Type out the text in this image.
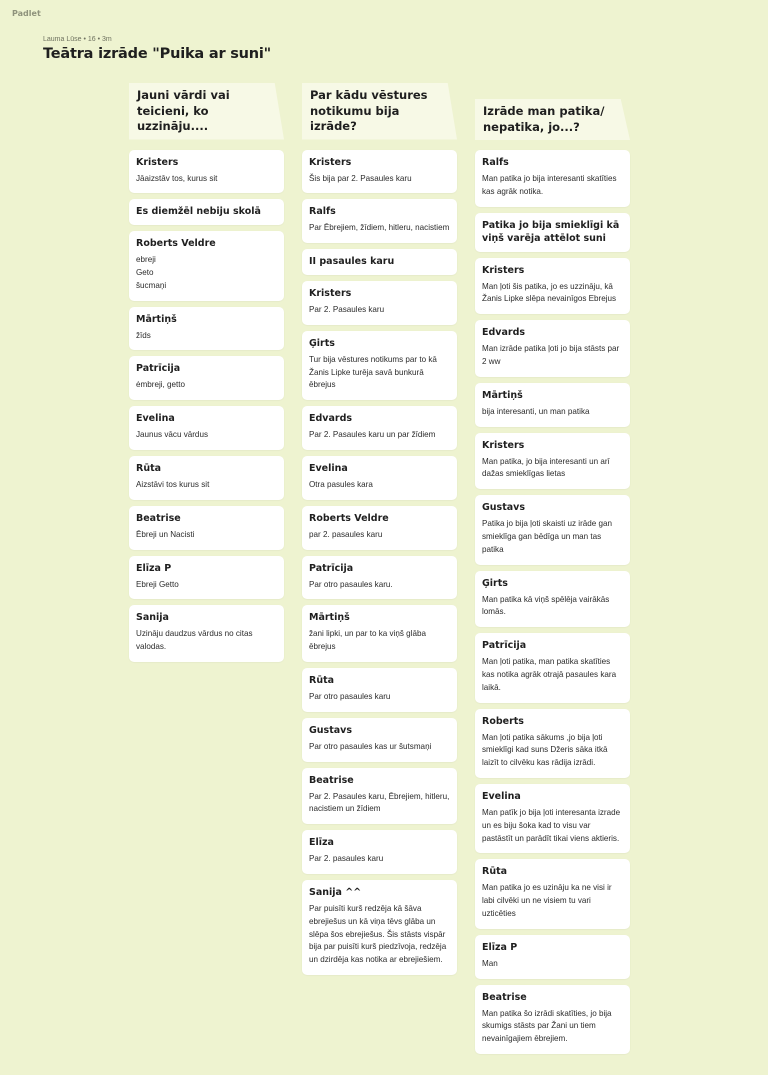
Padlet
Lauma Lūse • 16 • 3m
Teātra izrāde "Puika ar suni"
Jauni vārdi vai teicieni, ko uzzināju....
Kristers
Jāaizstāv tos, kurus sit
Es diemžēl nebiju skolā
Roberts Veldre
ebreji
Geto
šucmaņi
Mārtiņš
žīds
Patrīcija
ėmbreji, getto
Evelina
Jaunus vācu vārdus
Rūta
Aizstāvi tos kurus sit
Beatrise
Ēbreji un Nacisti
Elīza P
Ebreji Getto
Sanija
Uzināju daudzus vārdus no citas valodas.
Par kādu vēstures notikumu bija izrāde?
Kristers
Šis bija par 2. Pasaules karu
Ralfs
Par Ēbrejiem, žīdiem, hitleru, nacistiem
II pasaules karu
Kristers
Par 2. Pasaules karu
Ģirts
Tur bija vēstures notikums par to kā Žanis Lipke turēja savā bunkurā ēbrejus
Edvards
Par 2. Pasaules karu un par žīdiem
Evelina
Otra pasules kara
Roberts Veldre
par 2. pasaules karu
Patrīcija
Par otro pasaules karu.
Mārtiņš
žani lipki, un par to ka viņš glāba ēbrejus
Rūta
Par otro pasaules karu
Gustavs
Par otro pasaules kas ur šutsmaņi
Beatrise
Par 2. Pasaules karu, Ēbrejiem, hitleru, nacistiem un žīdiem
Elīza
Par 2. pasaules karu
Sanija ^^
Par puisīti kurš redzēja kā šāva ebrejiešus un kā viņa tēvs glāba un slēpa šos ebrejiešus. Šis stāsts vispār bija par puisīti kurš piedzīvoja, redzēja un dzirdēja kas notika ar ebrejiešiem.
Izrāde man patika/ nepatika, jo...?
Ralfs
Man patika jo bija interesanti skatīties kas agrāk notika.
Patika jo bija smieklīgi kā viņš varēja attēlot suni
Kristers
Man ļoti šis patika, jo es uzzināju, kā Žanis Lipke slēpa nevainīgos Ebrejus
Edvards
Man izrāde patika ļoti jo bija stāsts par 2 ww
Mārtiņš
bija interesanti, un man patika
Kristers
Man patika, jo bija interesanti un arī dažas smieklīgas lietas
Gustavs
Patika jo bija ļoti skaisti uz irāde gan smieklīga gan bēdīga un man tas patika
Ģirts
Man patika kā viņš spēlēja vairākās lomās.
Patrīcija
Man ļoti patika, man patika skatīties kas notika agrāk otrajā pasaules kara laikā.
Roberts
Man ļoti patika sākums ,jo bija ļoti smieklīgi kad suns Džeris sāka itkā laizīt to cilvēku kas rādija izrādi.
Evelina
Man patīk jo bija ļoti interesanta izrade un es biju šoka kad to visu var pastāstīt un parādīt tikai viens aktieris.
Rūta
Man patika jo es uzināju ka ne visi ir labi cilvēki un ne visiem tu vari uzticēties
Elīza P
Man
Beatrise
Man patika šo izrādi skatīties, jo bija skumigs stāsts par Žani un tiem nevainīgajiem ēbrejiem.
